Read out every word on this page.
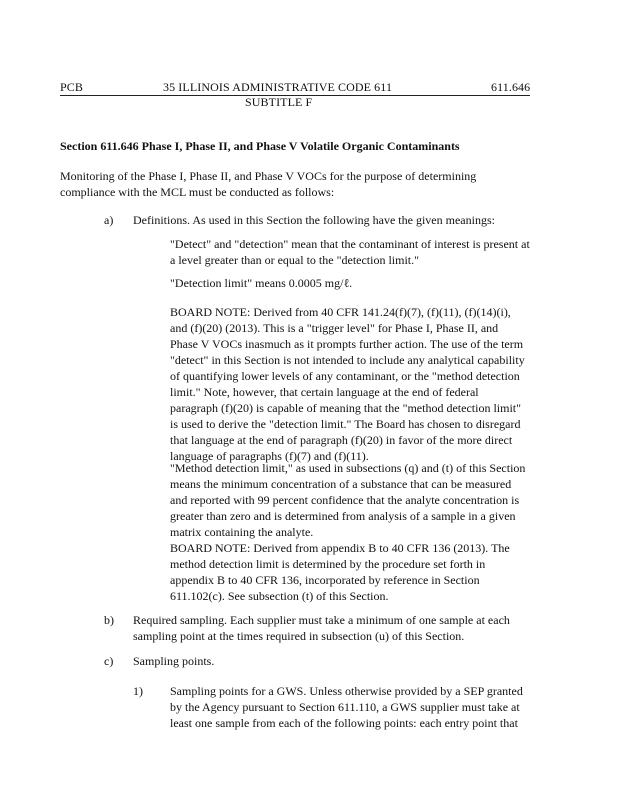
PCB	35 ILLINOIS ADMINISTRATIVE CODE 611	611.646
SUBTITLE F
Section 611.646 Phase I, Phase II, and Phase V Volatile Organic Contaminants
Monitoring of the Phase I, Phase II, and Phase V VOCs for the purpose of determining
compliance with the MCL must be conducted as follows:
a) Definitions. As used in this Section the following have the given meanings:
"Detect" and "detection" mean that the contaminant of interest is present at
a level greater than or equal to the "detection limit."
"Detection limit" means 0.0005 mg/ℓ.
BOARD NOTE: Derived from 40 CFR 141.24(f)(7), (f)(11), (f)(14)(i),
and (f)(20) (2013). This is a "trigger level" for Phase I, Phase II, and
Phase V VOCs inasmuch as it prompts further action. The use of the term
"detect" in this Section is not intended to include any analytical capability
of quantifying lower levels of any contaminant, or the "method detection
limit." Note, however, that certain language at the end of federal
paragraph (f)(20) is capable of meaning that the "method detection limit"
is used to derive the "detection limit." The Board has chosen to disregard
that language at the end of paragraph (f)(20) in favor of the more direct
language of paragraphs (f)(7) and (f)(11).
"Method detection limit," as used in subsections (q) and (t) of this Section
means the minimum concentration of a substance that can be measured
and reported with 99 percent confidence that the analyte concentration is
greater than zero and is determined from analysis of a sample in a given
matrix containing the analyte.
BOARD NOTE: Derived from appendix B to 40 CFR 136 (2013). The
method detection limit is determined by the procedure set forth in
appendix B to 40 CFR 136, incorporated by reference in Section
611.102(c). See subsection (t) of this Section.
b) Required sampling. Each supplier must take a minimum of one sample at each
sampling point at the times required in subsection (u) of this Section.
c) Sampling points.
1) Sampling points for a GWS. Unless otherwise provided by a SEP granted
by the Agency pursuant to Section 611.110, a GWS supplier must take at
least one sample from each of the following points: each entry point that
